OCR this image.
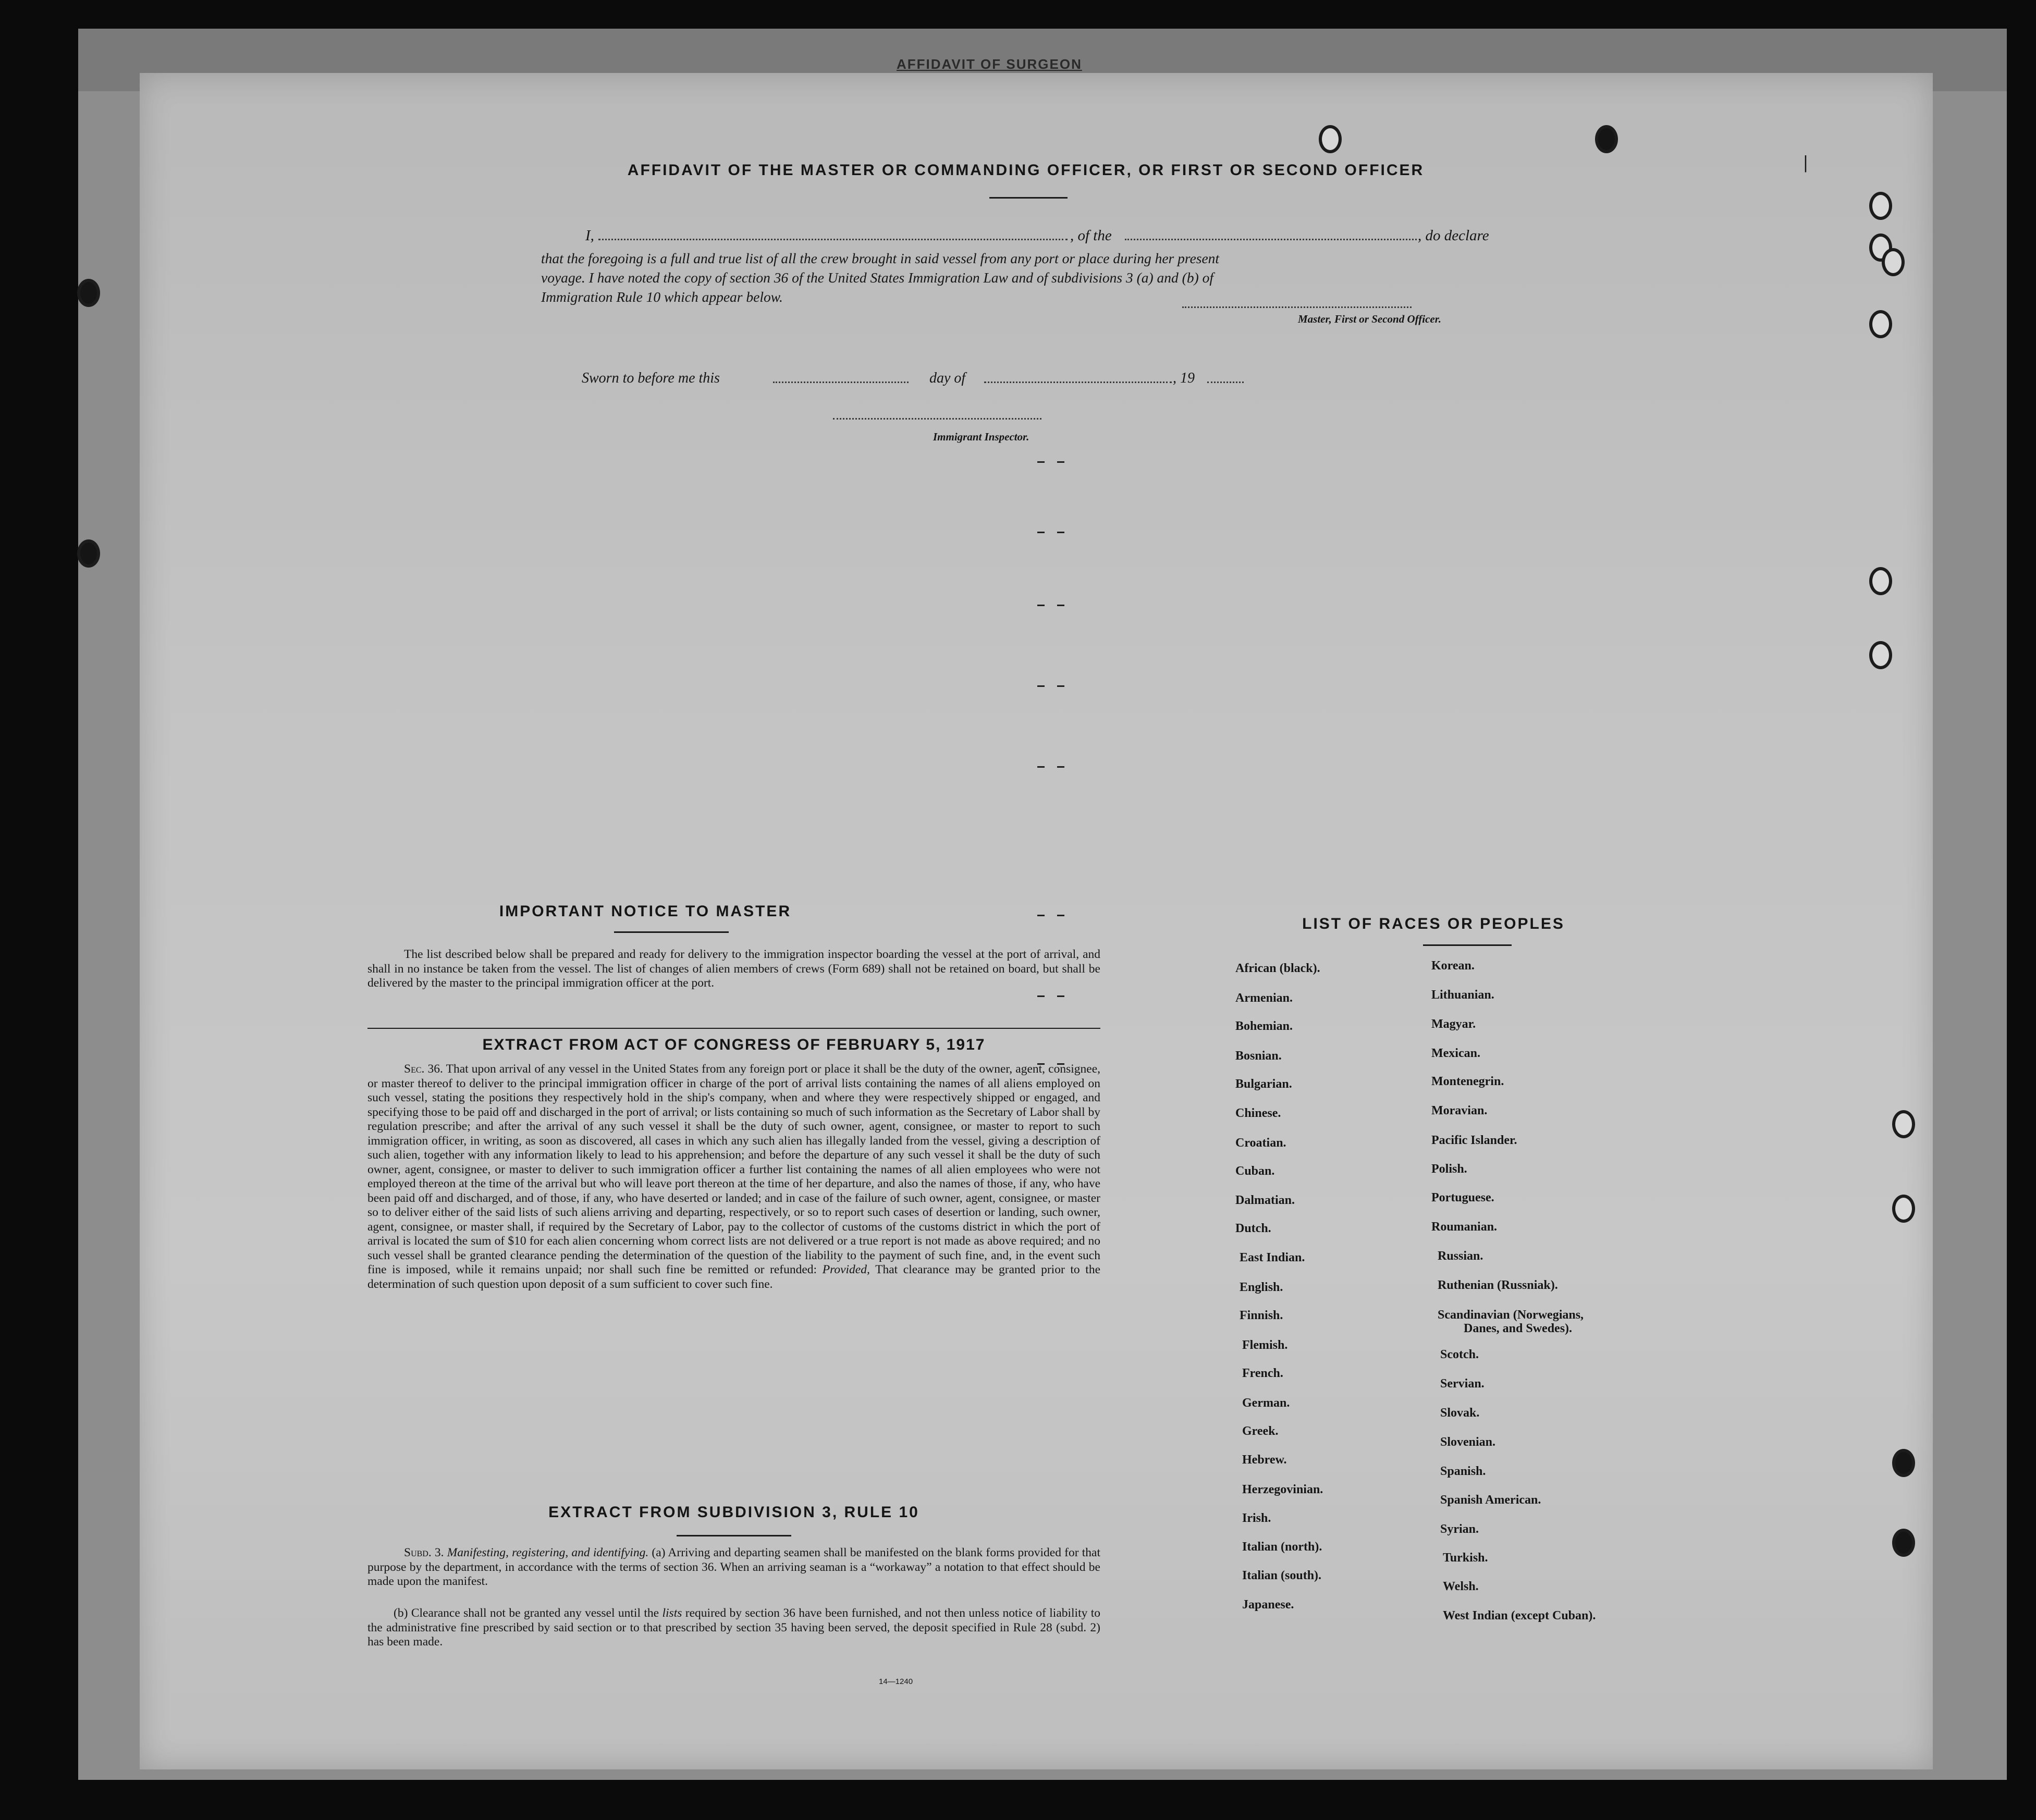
AFFIDAVIT OF SURGEON
AFFIDAVIT OF THE MASTER OR COMMANDING OFFICER, OR FIRST OR SECOND OFFICER
I,	, of the	, do declare
that the foregoing is a full and true list of all the crew brought in said vessel from any port or place during her present
voyage. I have noted the copy of section 36 of the United States Immigration Law and of subdivisions 3 (a) and (b) of
Immigration Rule 10 which appear below.
Master, First or Second Officer.
Sworn to before me this	day of	, 19
Immigrant Inspector.
IMPORTANT NOTICE TO MASTER
The list described below shall be prepared and ready for delivery to the immigration inspector boarding the vessel at the port of arrival, and shall in no instance be taken from the vessel. The list of changes of alien members of crews (Form 689) shall not be retained on board, but shall be delivered by the master to the principal immigration officer at the port.
EXTRACT FROM ACT OF CONGRESS OF FEBRUARY 5, 1917
Sec. 36. That upon arrival of any vessel in the United States from any foreign port or place it shall be the duty of the owner, agent, consignee, or master thereof to deliver to the principal immigration officer in charge of the port of arrival lists containing the names of all aliens employed on such vessel, stating the positions they respectively hold in the ship's company, when and where they were respectively shipped or engaged, and specifying those to be paid off and discharged in the port of arrival; or lists containing so much of such information as the Secretary of Labor shall by regulation prescribe; and after the arrival of any such vessel it shall be the duty of such owner, agent, consignee, or master to report to such immigration officer, in writing, as soon as discovered, all cases in which any such alien has illegally landed from the vessel, giving a description of such alien, together with any information likely to lead to his apprehension; and before the departure of any such vessel it shall be the duty of such owner, agent, consignee, or master to deliver to such immigration officer a further list containing the names of all alien employees who were not employed thereon at the time of the arrival but who will leave port thereon at the time of her departure, and also the names of those, if any, who have been paid off and discharged, and of those, if any, who have deserted or landed; and in case of the failure of such owner, agent, consignee, or master so to deliver either of the said lists of such aliens arriving and departing, respectively, or so to report such cases of desertion or landing, such owner, agent, consignee, or master shall, if required by the Secretary of Labor, pay to the collector of customs of the customs district in which the port of arrival is located the sum of $10 for each alien concerning whom correct lists are not delivered or a true report is not made as above required; and no such vessel shall be granted clearance pending the determination of the question of the liability to the payment of such fine, and, in the event such fine is imposed, while it remains unpaid; nor shall such fine be remitted or refunded: Provided, That clearance may be granted prior to the determination of such question upon deposit of a sum sufficient to cover such fine.
EXTRACT FROM SUBDIVISION 3, RULE 10
Subd. 3. Manifesting, registering, and identifying. (a) Arriving and departing seamen shall be manifested on the blank forms provided for that purpose by the department, in accordance with the terms of section 36. When an arriving seaman is a “workaway” a notation to that effect should be made upon the manifest.
(b) Clearance shall not be granted any vessel until the lists required by section 36 have been furnished, and not then unless notice of liability to the administrative fine prescribed by said section or to that prescribed by section 35 having been served, the deposit specified in Rule 28 (subd. 2) has been made.
14—1240
LIST OF RACES OR PEOPLES
African (black).
Armenian.
Bohemian.
Bosnian.
Bulgarian.
Chinese.
Croatian.
Cuban.
Dalmatian.
Dutch.
East Indian.
English.
Finnish.
Flemish.
French.
German.
Greek.
Hebrew.
Herzegovinian.
Irish.
Italian (north).
Italian (south).
Japanese.
Korean.
Lithuanian.
Magyar.
Mexican.
Montenegrin.
Moravian.
Pacific Islander.
Polish.
Portuguese.
Roumanian.
Russian.
Ruthenian (Russniak).
Scandinavian (Norwegians,
Danes, and Swedes).
Scotch.
Servian.
Slovak.
Slovenian.
Spanish.
Spanish American.
Syrian.
Turkish.
Welsh.
West Indian (except Cuban).
|
